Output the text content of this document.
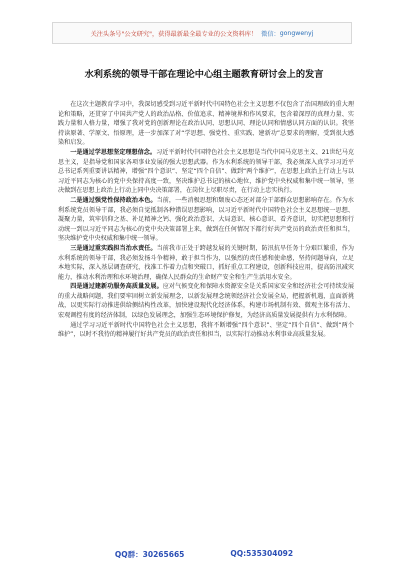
关注头条号"公文研究"，获得最新最全最专业的公文资料库！ 微信： gongwenyj
水利系统的领导干部在理论中心组主题教育研讨会上的发言

在这次主题教育学习中，我深切感受到习近平新时代中国特色社会主义思想不仅包含了治国理政的重大理论和策略，还贯穿了中国共产党人的政治品格、价值追求、精神境界和作风要求，包含着深厚的真理力量、实践力量和人格力量，增强了我对党的创新理论在政治认同、思想认同、理论认同和情感认同方面的认识。我坚持读原著、学原文、悟原理，进一步加深了对“学思想、强党性、重实践、建新功”总要求的理解，受到很大感染和启发。

一是通过学思想坚定理想信念。习近平新时代中国特色社会主义思想是当代中国马克思主义、21世纪马克思主义，是指导党和国家各项事业发展的强大思想武器。作为水利系统的领导干部，我必须深入真学习习近平总书记系列重要讲话精神，增强“四个意识”、坚定“四个自信”、做到“两个维护”，在思想上政治上行动上与以习近平同志为核心的党中央保持高度一致，坚决维护总书记的核心地位，维护党中央权威和集中统一领导，坚决做到在思想上政治上行动上同中央决策部署，在岗位上尽职尽责，在行动上忠实执行。

二是通过强党性保持政治本色。当前，一些消极思想和颓废心态还对部分干部群众思想影响存在。作为水利系统党员领导干部，我必须自觉抵制各种错误思想影响，以习近平新时代中国特色社会主义思想统一思想、凝聚力量，筑牢信仰之基、补足精神之钙、强化政治意识、大局意识、核心意识、看齐意识，切实把思想和行动统一到以习近平同志为核心的党中央决策部署上来，做到在任何情况下都行好共产党员的政治责任和担当，坚决维护党中央权威和集中统一领导。

三是通过重实践担当治水责任。当前我市正处于跨越发展的关键时期，防汛抗旱任务十分艰巨繁重，作为水利系统的领导干部，我必须发扬斗争精神，敢于担当作为，以强烈的责任感和使命感，坚持问题导向，立足本地实际，深入基层调查研究，找准工作着力点和突破口，抓好重点工程建设，创新科技应用，提高防汛减灾能力，推动水利治理和水环境治理，确保人民群众的生命财产安全和生产生活用水安全。

四是通过建新功服务高质量发展。应对气候变化和保障水资源安全是关系国家安全和经济社会可持续发展的重大战略问题，我们要牢固树立新发展理念，以新发展理念统领经济社会发展全局，把握新机遇，直面新挑战，以更实际行动推进供给侧结构性改革，加快建设现代化经济体系，构建市场机制有效、微观主体有活力、宏观调控有度的经济体制，以绿色发展理念，加强生态环境保护修复，为经济高质量发展提供有力水利保障。

通过学习习近平新时代中国特色社会主义思想，我将不断增强“四个意识”、坚定“四个自信”、做到“两个维护”，以时不我待的精神履行好共产党员的政治责任和担当，以实际行动推动水利事业高质量发展。

QQ群：30265665	QQ:535304092
